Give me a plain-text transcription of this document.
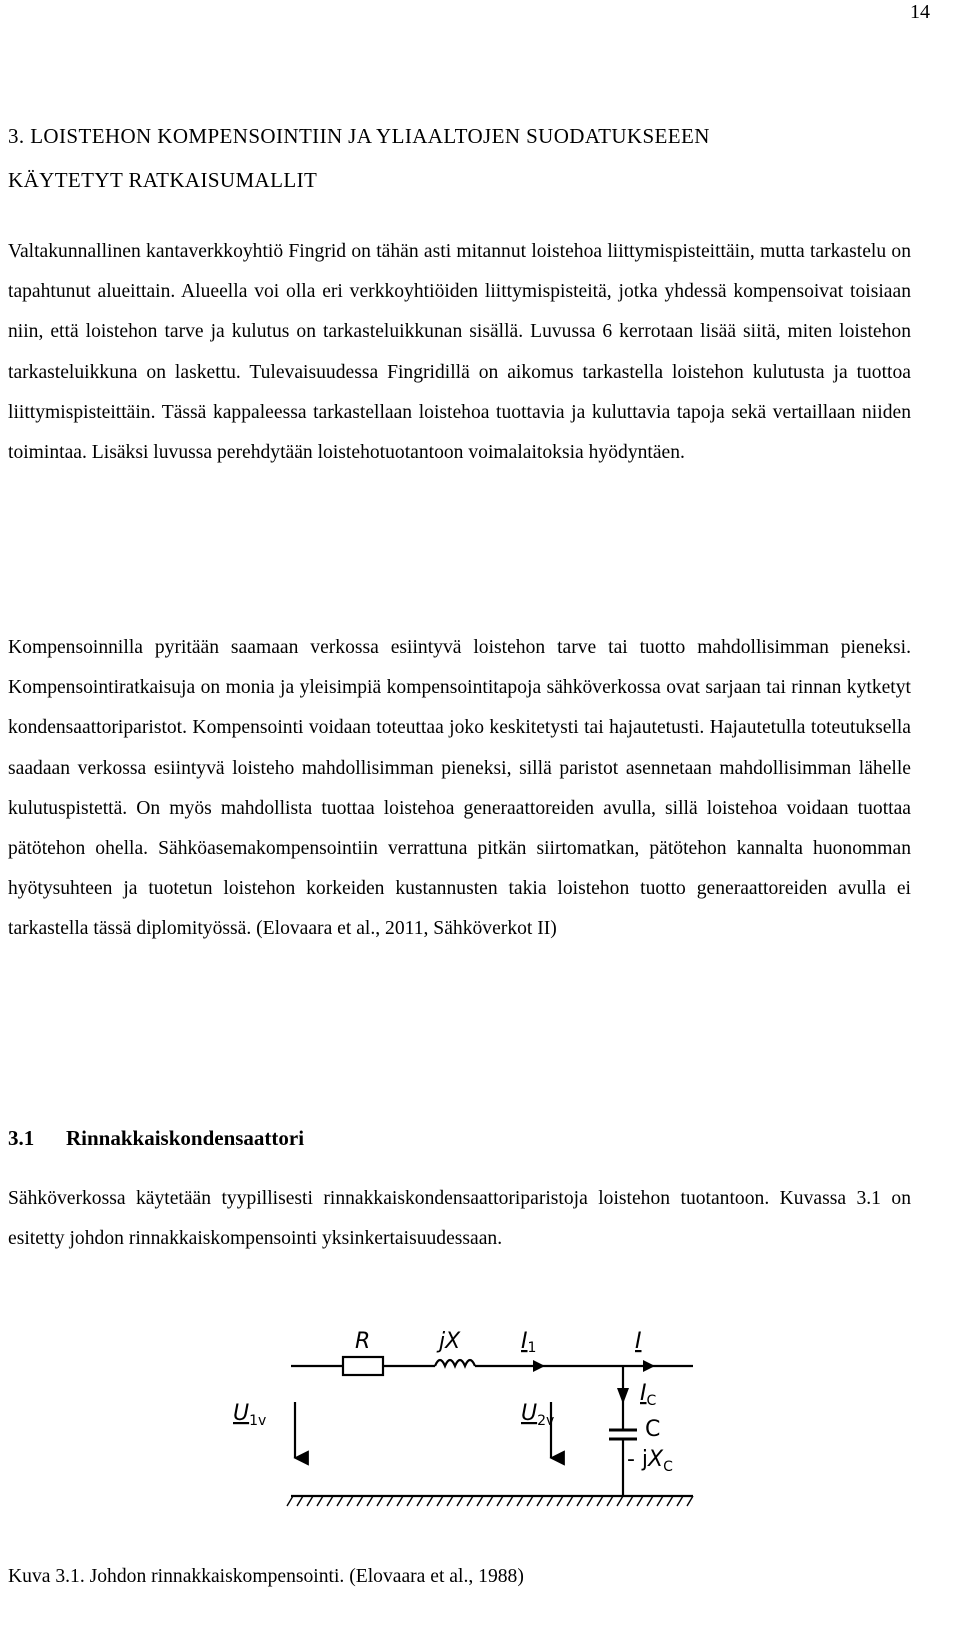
14
3. LOISTEHON KOMPENSOINTIIN JA YLIAALTOJEN SUODATUKSEEEN
KÄYTETYT RATKAISUMALLIT

Valtakunnallinen kantaverkkoyhtiö Fingrid on tähän asti mitannut loistehoa liittymispisteittäin, mutta tarkastelu on tapahtunut alueittain. Alueella voi olla eri verkkoyhtiöiden liittymispisteitä, jotka yhdessä kompensoivat toisiaan niin, että loistehon tarve ja kulutus on tarkasteluikkunan sisällä. Luvussa 6 kerrotaan lisää siitä, miten loistehon tarkasteluikkuna on laskettu. Tulevaisuudessa Fingridillä on aikomus tarkastella loistehon kulutusta ja tuottoa liittymispisteittäin. Tässä kappaleessa tarkastellaan loistehoa tuottavia ja kuluttavia tapoja sekä vertaillaan niiden toimintaa. Lisäksi luvussa perehdytään loistehotuotantoon voimalaitoksia hyödyntäen.

Kompensoinnilla pyritään saamaan verkossa esiintyvä loistehon tarve tai tuotto mahdollisimman pieneksi. Kompensointiratkaisuja on monia ja yleisimpiä kompensointitapoja sähköverkossa ovat sarjaan tai rinnan kytketyt kondensaattoriparistot. Kompensointi voidaan toteuttaa joko keskitetysti tai hajautetusti. Hajautetulla toteutuksella saadaan verkossa esiintyvä loisteho mahdollisimman pieneksi, sillä paristot asennetaan mahdollisimman lähelle kulutuspistettä. On myös mahdollista tuottaa loistehoa generaattoreiden avulla, sillä loistehoa voidaan tuottaa pätötehon ohella. Sähköasemakompensointiin verrattuna pitkän siirtomatkan, pätötehon kannalta huonomman hyötysuhteen ja tuotetun loistehon korkeiden kustannusten takia loistehon tuotto generaattoreiden avulla ei tarkastella tässä diplomityössä. (Elovaara et al., 2011, Sähköverkot II)

3.1 Rinnakkaiskondensaattori

Sähköverkossa käytetään tyypillisesti rinnakkaiskondensaattoriparistoja loistehon tuotantoon. Kuvassa 3.1 on esitetty johdon rinnakkaiskompensointi yksinkertaisuudessaan.

R	jX	I1	I
$U_{1v}$	$U_{2v}$
$I_C$
C
- $jX_C$
Kuva 3.1. Johdon rinnakkaiskompensointi. (Elovaara et al., 1988)
